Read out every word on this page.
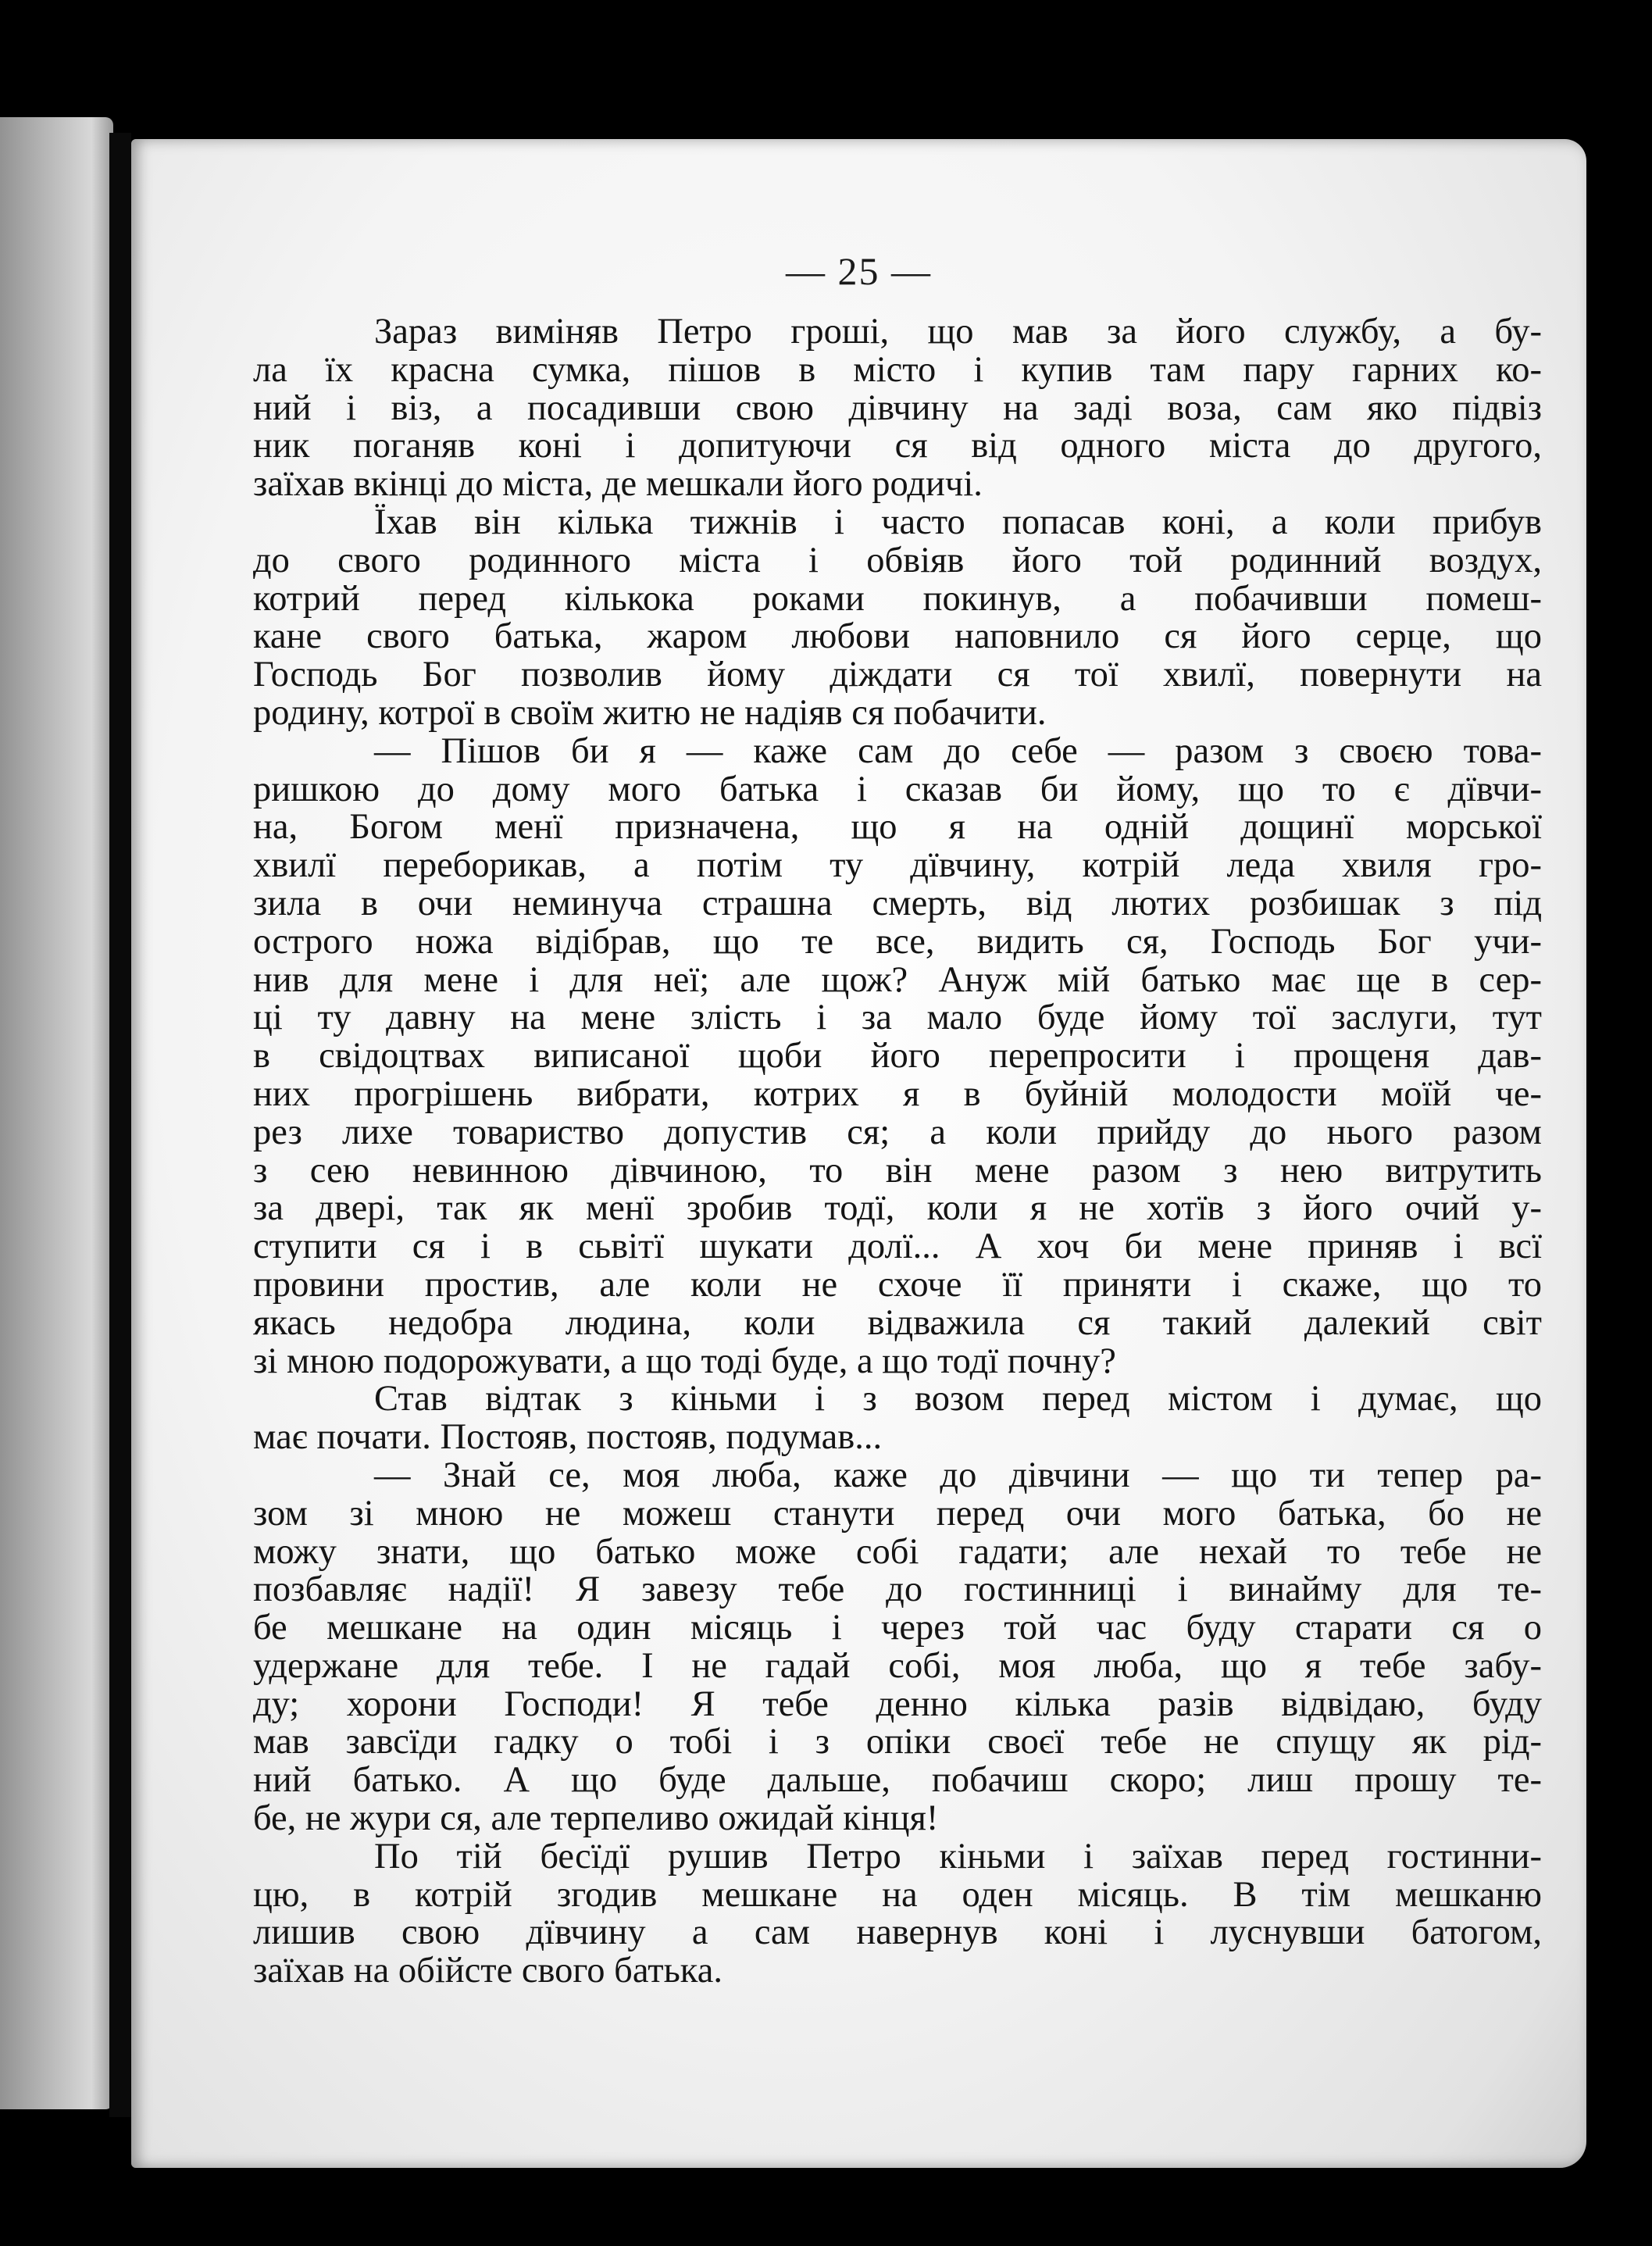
— 25 —
Зараз виміняв Петро гроші, що мав за його службу, а бу-
ла їх красна сумка, пішов в місто і купив там пару гарних ко-
ний і віз, а посадивши свою дівчину на заді воза, сам яко підвіз
ник поганяв коні і допитуючи ся від одного міста до другого,
заїхав вкінці до міста, де мешкали його родичі.
Їхав він кілька тижнів і часто попасав коні, а коли прибув
до свого родинного міста і обвіяв його той родинний воздух,
котрий перед кількока роками покинув, а побачивши помеш-
кане свого батька, жаром любови наповнило ся його серце, що
Господь Бог позволив йому діждати ся тої хвилї, повернути на
родину, котрої в своїм житю не надіяв ся побачити.
— Пішов би я — каже сам до себе — разом з своєю това-
ришкою до дому мого батька і сказав би йому, що то є дївчи-
на, Богом менї призначена, що я на одній дощинї морської
хвилї переборикав, а потім ту дївчину, котрій леда хвиля гро-
зила в очи неминуча страшна смерть, від лютих розбишак з під
острого ножа вiдiбрав, що те все, видить ся, Господь Бог учи-
нив для мене і для неї; але щож? Ануж мій батько має ще в сер-
ці ту давну на мене злість і за мало буде йому тої заслуги, тут
в свідоцтвах виписаної щоби його перепросити і прощеня дав-
них прогрішень вибрати, котрих я в буйній молодости моїй че-
рез лихе товариство допустив ся; а коли прийду до нього разом
з сею невинною дівчиною, то він мене разом з нею витрутить
за двері, так як менї зробив тодї, коли я не хотїв з його очий у-
ступити ся і в сьвітї шукати долї... А хоч би мене приняв і всї
провини простив, але коли не схоче її приняти і скаже, що то
якась недобра людина, коли відважила ся такий далекий світ
зі мною подорожувати, а що тоді буде, а що тодї почну?
Став відтак з кіньми і з возом перед містом і думає, що
має почати. Постояв, постояв, подумав...
— Знай се, моя люба, каже до дівчини — що ти тепер ра-
зом зі мною не можеш станути перед очи мого батька, бо не
можу знати, що батько може собі гадати; але нехай то тебе не
позбавляє надії! Я завезу тебе до гостинниці і винайму для те-
бе мешкане на один місяць і через той час буду старати ся о
удержане для тебе. І не гадай собі, моя люба, що я тебе забу-
ду; хорони Господи! Я тебе денно кілька разів відвідаю, буду
мав завсїди гадку о тобі і з опіки своєї тебе не спущу як рід-
ний батько. А що буде дальше, побачиш скоро; лиш прошу те-
бе, не жури ся, але терпеливо ожидай кінця!
По тій бесїдї рушив Петро кіньми і заїхав перед гостинни-
цю, в котрій згодив мешкане на оден місяць. В тім мешканю
лишив свою дївчину а сам навернув коні і луснувши батогом,
заїхав на обійсте свого батька.
